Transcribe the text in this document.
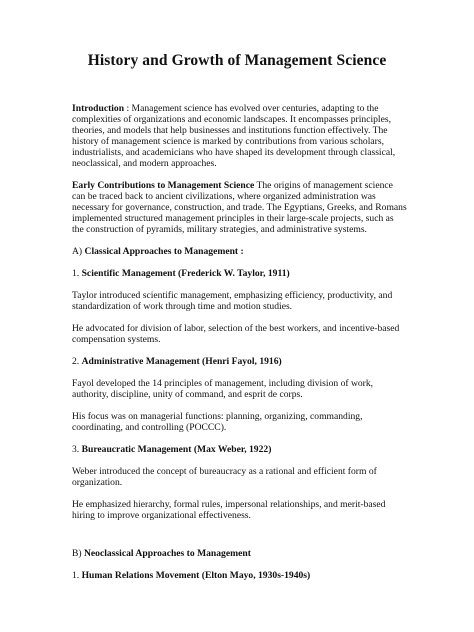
History and Growth of Management Science

Introduction : Management science has evolved over centuries, adapting to the complexities of organizations and economic landscapes. It encompasses principles, theories, and models that help businesses and institutions function effectively. The history of management science is marked by contributions from various scholars, industrialists, and academicians who have shaped its development through classical, neoclassical, and modern approaches.

Early Contributions to Management Science The origins of management science can be traced back to ancient civilizations, where organized administration was necessary for governance, construction, and trade. The Egyptians, Greeks, and Romans implemented structured management principles in their large-scale projects, such as the construction of pyramids, military strategies, and administrative systems.

A) Classical Approaches to Management :

1. Scientific Management (Frederick W. Taylor, 1911)

Taylor introduced scientific management, emphasizing efficiency, productivity, and standardization of work through time and motion studies.

He advocated for division of labor, selection of the best workers, and incentive-based compensation systems.

2. Administrative Management (Henri Fayol, 1916)

Fayol developed the 14 principles of management, including division of work, authority, discipline, unity of command, and esprit de corps.

His focus was on managerial functions: planning, organizing, commanding, coordinating, and controlling (POCCC).

3. Bureaucratic Management (Max Weber, 1922)

Weber introduced the concept of bureaucracy as a rational and efficient form of organization.

He emphasized hierarchy, formal rules, impersonal relationships, and merit-based hiring to improve organizational effectiveness.

B) Neoclassical Approaches to Management

1. Human Relations Movement (Elton Mayo, 1930s-1940s)
